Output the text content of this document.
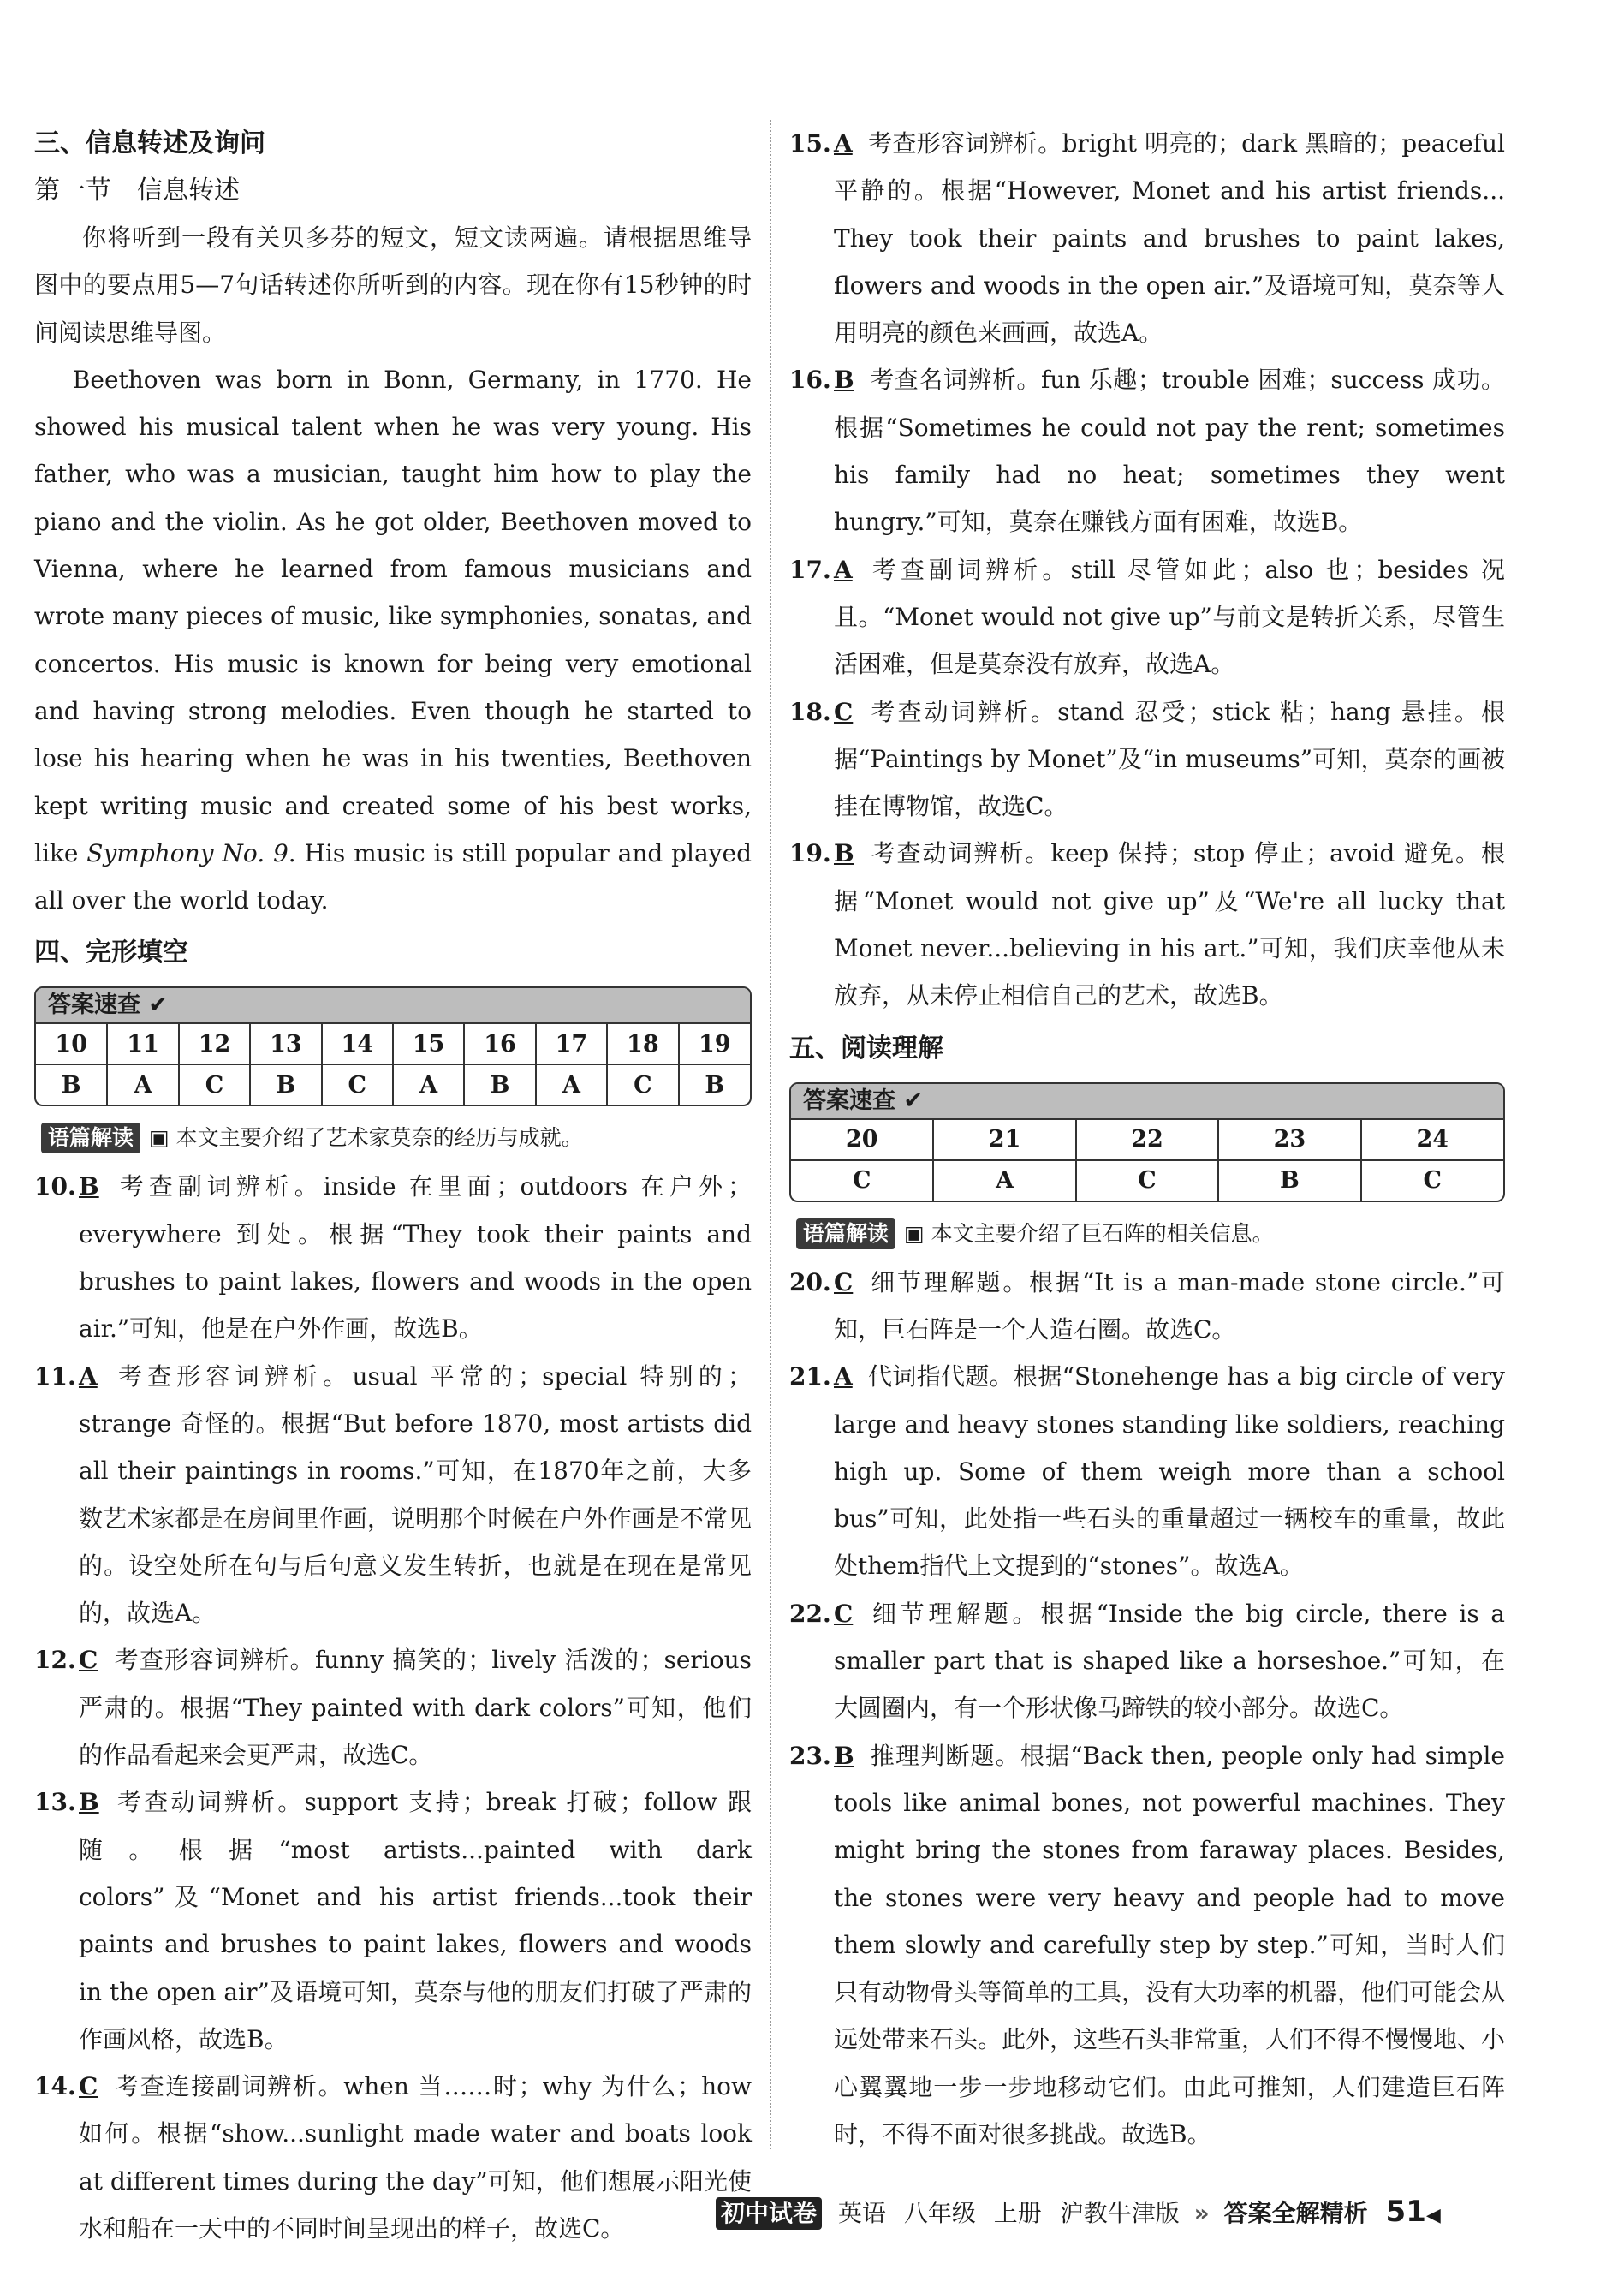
三、信息转述及询问

第一节　信息转述

你将听到一段有关贝多芬的短文，短文读两遍。请根据思维导图中的要点用5—7句话转述你所听到的内容。现在你有15秒钟的时间阅读思维导图。

Beethoven was born in Bonn, Germany, in 1770. He showed his musical talent when he was very young. His father, who was a musician, taught him how to play the piano and the violin. As he got older, Beethoven moved to Vienna, where he learned from famous musicians and wrote many pieces of music, like symphonies, sonatas, and concertos. His music is known for being very emotional and having strong melodies. Even though he started to lose his hearing when he was in his twenties, Beethoven kept writing music and created some of his best works, like Symphony No. 9. His music is still popular and played all over the world today.

四、完形填空

答案速查 ✔
10	11	12	13	14	15	16	17	18	19
B	A	C	B	C	A	B	A	C	B
语篇解读 ▣ 本文主要介绍了艺术家莫奈的经历与成就。

10. B 考查副词辨析。inside 在里面；outdoors 在户外；everywhere 到处。根据“They took their paints and brushes to paint lakes, flowers and woods in the open air.”可知，他是在户外作画，故选B。

11. A 考查形容词辨析。usual 平常的；special 特别的；strange 奇怪的。根据“But before 1870, most artists did all their paintings in rooms.”可知，在1870年之前，大多数艺术家都是在房间里作画，说明那个时候在户外作画是不常见的。设空处所在句与后句意义发生转折，也就是在现在是常见的，故选A。

12. C 考查形容词辨析。funny 搞笑的；lively 活泼的；serious 严肃的。根据“They painted with dark colors”可知，他们的作品看起来会更严肃，故选C。

13. B 考查动词辨析。support 支持；break 打破；follow 跟随。根据“most artists...painted with dark colors”及“Monet and his artist friends...took their paints and brushes to paint lakes, flowers and woods in the open air”及语境可知，莫奈与他的朋友们打破了严肃的作画风格，故选B。

14. C 考查连接副词辨析。when 当……时；why 为什么；how 如何。根据“show...sunlight made water and boats look at different times during the day”可知，他们想展示阳光使水和船在一天中的不同时间呈现出的样子，故选C。

15. A 考查形容词辨析。bright 明亮的；dark 黑暗的；peaceful 平静的。根据“However, Monet and his artist friends... They took their paints and brushes to paint lakes, flowers and woods in the open air.”及语境可知，莫奈等人用明亮的颜色来画画，故选A。

16. B 考查名词辨析。fun 乐趣；trouble 困难；success 成功。根据“Sometimes he could not pay the rent; sometimes his family had no heat; sometimes they went hungry.”可知，莫奈在赚钱方面有困难，故选B。

17. A 考查副词辨析。still 尽管如此；also 也；besides 况且。“Monet would not give up”与前文是转折关系，尽管生活困难，但是莫奈没有放弃，故选A。

18. C 考查动词辨析。stand 忍受；stick 粘；hang 悬挂。根据“Paintings by Monet”及“in museums”可知，莫奈的画被挂在博物馆，故选C。

19. B 考查动词辨析。keep 保持；stop 停止；avoid 避免。根据“Monet would not give up”及“We're all lucky that Monet never...believing in his art.”可知，我们庆幸他从未放弃，从未停止相信自己的艺术，故选B。

五、阅读理解

答案速查 ✔
20	21	22	23	24
C	A	C	B	C
语篇解读 ▣ 本文主要介绍了巨石阵的相关信息。

20. C 细节理解题。根据“It is a man-made stone circle.”可知，巨石阵是一个人造石圈。故选C。

21. A 代词指代题。根据“Stonehenge has a big circle of very large and heavy stones standing like soldiers, reaching high up. Some of them weigh more than a school bus”可知，此处指一些石头的重量超过一辆校车的重量，故此处them指代上文提到的“stones”。故选A。

22. C 细节理解题。根据“Inside the big circle, there is a smaller part that is shaped like a horseshoe.”可知，在大圆圈内，有一个形状像马蹄铁的较小部分。故选C。

23. B 推理判断题。根据“Back then, people only had simple tools like animal bones, not powerful machines. They might bring the stones from faraway places. Besides, the stones were very heavy and people had to move them slowly and carefully step by step.”可知，当时人们只有动物骨头等简单的工具，没有大功率的机器，他们可能会从远处带来石头。此外，这些石头非常重，人们不得不慢慢地、小心翼翼地一步一步地移动它们。由此可推知，人们建造巨石阵时，不得不面对很多挑战。故选B。

初中试卷 英语 八年级 上册 沪教牛津版 » 答案全解精析 51◀
